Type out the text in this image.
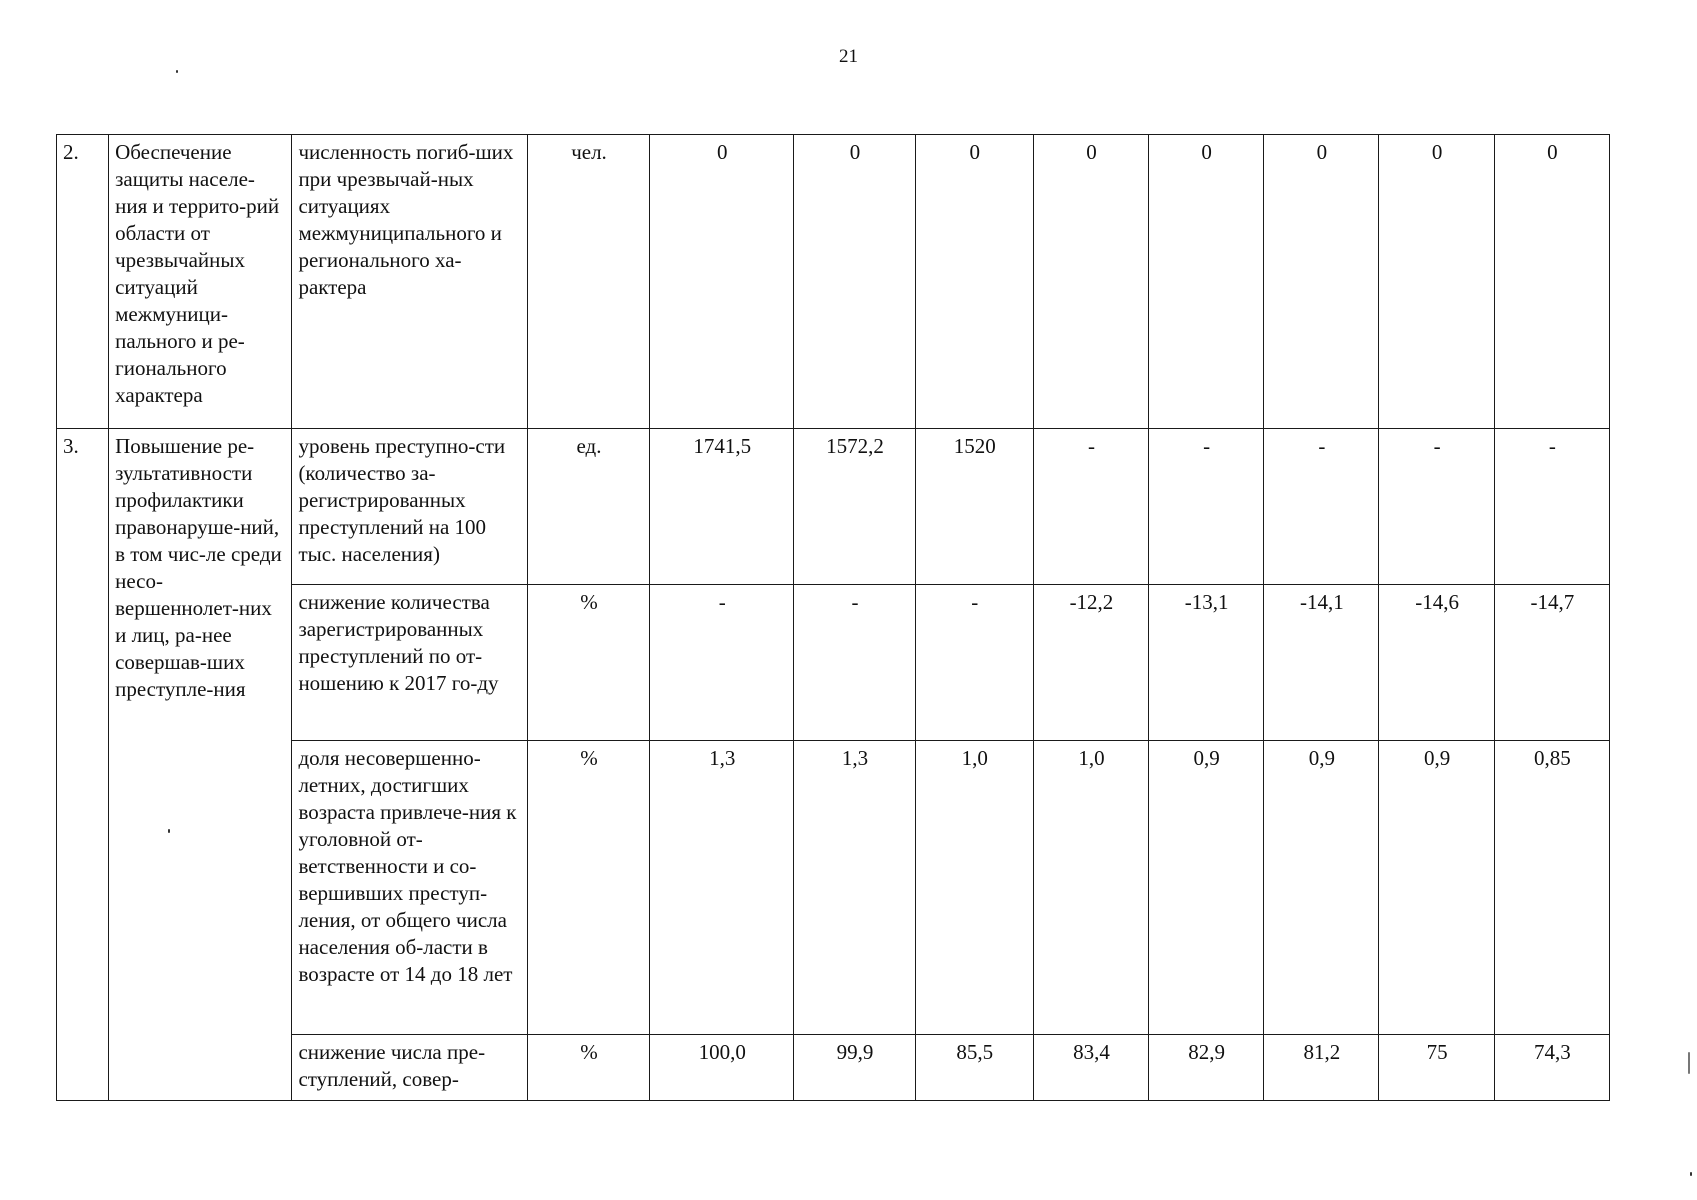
21
2.	Обеспечение защиты населе-ния и террито-рий области от чрезвычайных ситуаций межмуници-пального и ре-гионального характера	численность погиб-ших при чрезвычай-ных ситуациях межмуниципального и регионального ха-рактера	чел.	0	0	0	0	0	0	0	0
3.	Повышение ре-зультативности профилактики правонаруше-ний, в том чис-ле среди несо-вершеннолет-них и лиц, ра-нее совершав-ших преступле-ния	уровень преступно-сти (количество за-регистрированных преступлений на 100 тыс. населения)	ед.	1741,5	1572,2	1520	-	-	-	-	-
		снижение количества зарегистрированных преступлений по от-ношению к 2017 го-ду	%	-	-	-	-12,2	-13,1	-14,1	-14,6	-14,7
		доля несовершенно-летних, достигших возраста привлече-ния к уголовной от-ветственности и со-вершивших преступ-ления, от общего числа населения об-ласти в возрасте от 14 до 18 лет	%	1,3	1,3	1,0	1,0	0,9	0,9	0,9	0,85
		снижение числа пре-ступлений, совер-	%	100,0	99,9	85,5	83,4	82,9	81,2	75	74,3
